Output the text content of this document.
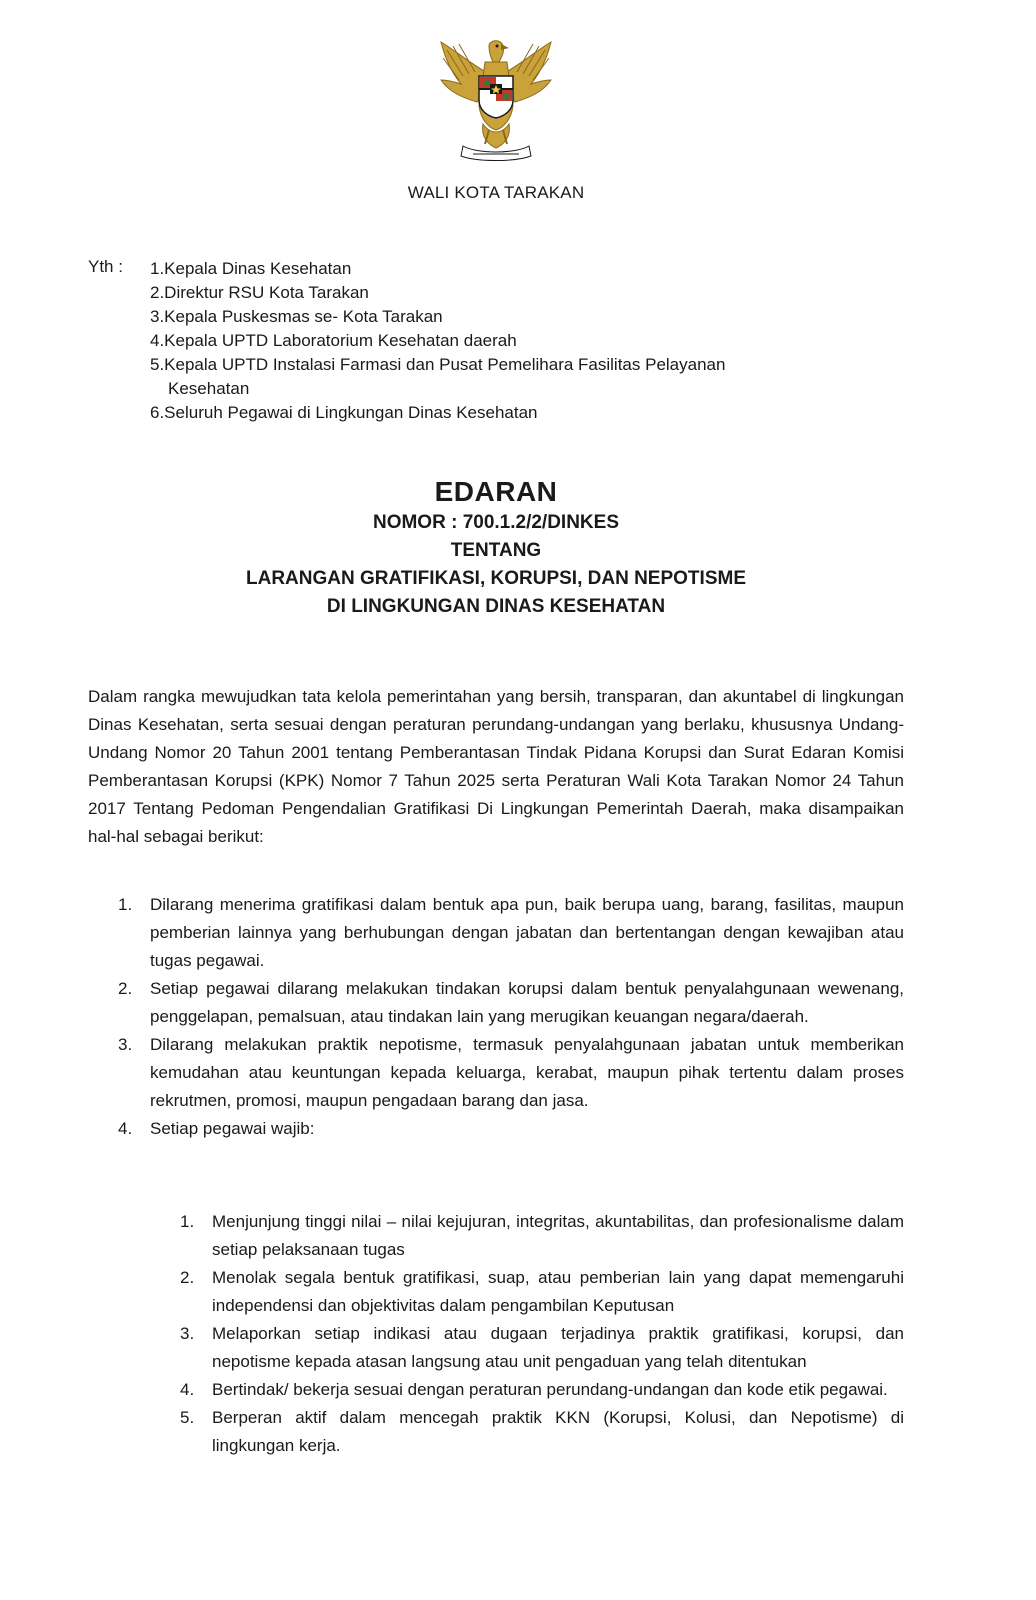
WALI KOTA TARAKAN
Yth : 1.Kepala Dinas Kesehatan
2.Direktur RSU Kota Tarakan
3.Kepala Puskesmas se- Kota Tarakan
4.Kepala UPTD Laboratorium Kesehatan daerah
5.Kepala UPTD Instalasi Farmasi dan Pusat Pemelihara Fasilitas Pelayanan
Kesehatan
6.Seluruh Pegawai di Lingkungan Dinas Kesehatan
EDARAN
NOMOR : 700.1.2/2/DINKES
TENTANG
LARANGAN GRATIFIKASI, KORUPSI, DAN NEPOTISME
DI LINGKUNGAN DINAS KESEHATAN

Dalam rangka mewujudkan tata kelola pemerintahan yang bersih, transparan, dan akuntabel di lingkungan Dinas Kesehatan, serta sesuai dengan peraturan perundang-undangan yang berlaku, khususnya Undang-Undang Nomor 20 Tahun 2001 tentang Pemberantasan Tindak Pidana Korupsi dan Surat Edaran Komisi Pemberantasan Korupsi (KPK) Nomor 7 Tahun 2025 serta Peraturan Wali Kota Tarakan Nomor 24 Tahun 2017 Tentang Pedoman Pengendalian Gratifikasi Di Lingkungan Pemerintah Daerah, maka disampaikan hal-hal sebagai berikut:

1. Dilarang menerima gratifikasi dalam bentuk apa pun, baik berupa uang, barang, fasilitas, maupun pemberian lainnya yang berhubungan dengan jabatan dan bertentangan dengan kewajiban atau tugas pegawai.
2. Setiap pegawai dilarang melakukan tindakan korupsi dalam bentuk penyalahgunaan wewenang, penggelapan, pemalsuan, atau tindakan lain yang merugikan keuangan negara/daerah.
3. Dilarang melakukan praktik nepotisme, termasuk penyalahgunaan jabatan untuk memberikan kemudahan atau keuntungan kepada keluarga, kerabat, maupun pihak tertentu dalam proses rekrutmen, promosi, maupun pengadaan barang dan jasa.
4. Setiap pegawai wajib:
1. Menjunjung tinggi nilai – nilai kejujuran, integritas, akuntabilitas, dan profesionalisme dalam setiap pelaksanaan tugas
2. Menolak segala bentuk gratifikasi, suap, atau pemberian lain yang dapat memengaruhi independensi dan objektivitas dalam pengambilan Keputusan
3. Melaporkan setiap indikasi atau dugaan terjadinya praktik gratifikasi, korupsi, dan nepotisme kepada atasan langsung atau unit pengaduan yang telah ditentukan
4. Bertindak/ bekerja sesuai dengan peraturan perundang-undangan dan kode etik pegawai.
5. Berperan aktif dalam mencegah praktik KKN (Korupsi, Kolusi, dan Nepotisme) di lingkungan kerja.
